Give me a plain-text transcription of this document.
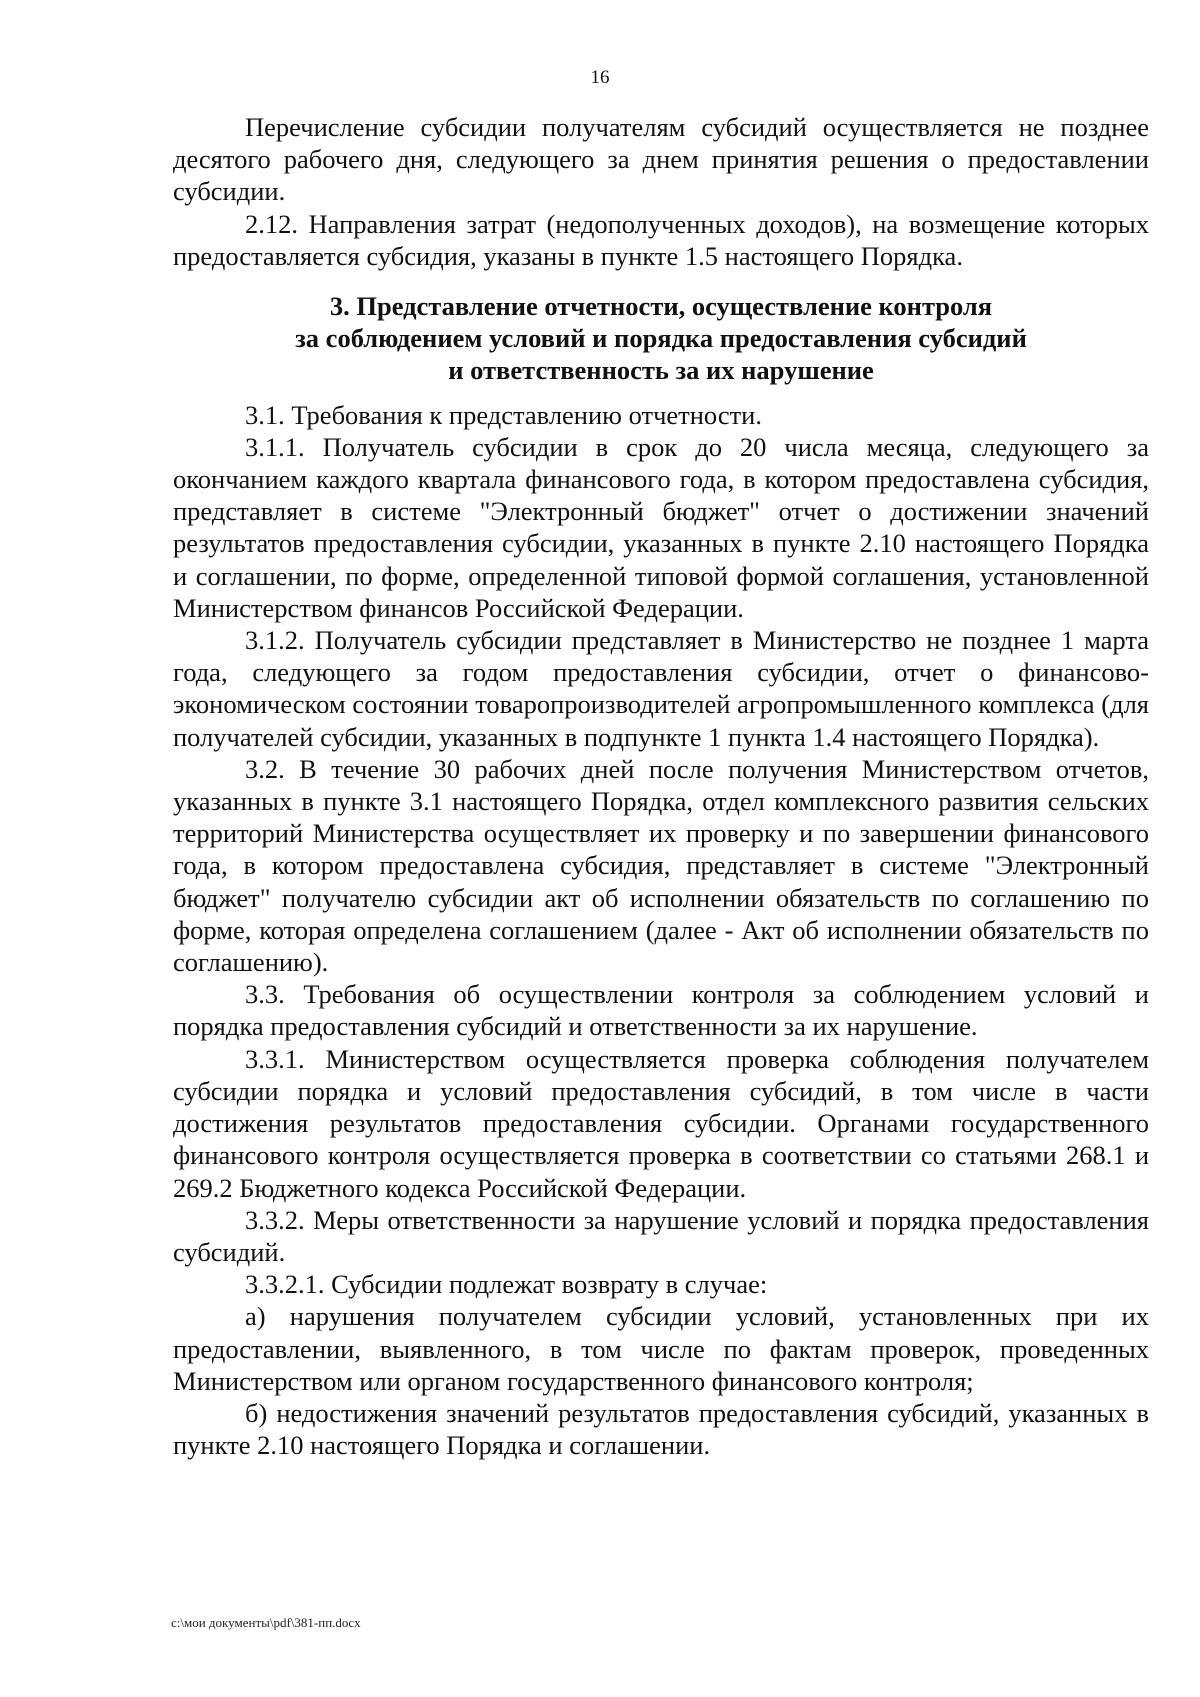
16

Перечисление субсидии получателям субсидий осуществляется не позднее десятого рабочего дня, следующего за днем принятия решения о предоставлении субсидии.

2.12. Направления затрат (недополученных доходов), на возмещение которых предоставляется субсидия, указаны в пункте 1.5 настоящего Порядка.

3. Представление отчетности, осуществление контроля
за соблюдением условий и порядка предоставления субсидий
и ответственность за их нарушение

3.1. Требования к представлению отчетности.

3.1.1. Получатель субсидии в срок до 20 числа месяца, следующего за окончанием каждого квартала финансового года, в котором предоставлена субсидия, представляет в системе "Электронный бюджет" отчет о достижении значений результатов предоставления субсидии, указанных в пункте 2.10 настоящего Порядка и соглашении, по форме, определенной типовой формой соглашения, установленной Министерством финансов Российской Федерации.

3.1.2. Получатель субсидии представляет в Министерство не позднее 1 марта года, следующего за годом предоставления субсидии, отчет о финансово-экономическом состоянии товаропроизводителей агропромышленного комплекса (для получателей субсидии, указанных в подпункте 1 пункта 1.4 настоящего Порядка).

3.2. В течение 30 рабочих дней после получения Министерством отчетов, указанных в пункте 3.1 настоящего Порядка, отдел комплексного развития сельских территорий Министерства осуществляет их проверку и по завершении финансового года, в котором предоставлена субсидия, представляет в системе "Электронный бюджет" получателю субсидии акт об исполнении обязательств по соглашению по форме, которая определена соглашением (далее - Акт об исполнении обязательств по соглашению).

3.3. Требования об осуществлении контроля за соблюдением условий и порядка предоставления субсидий и ответственности за их нарушение.

3.3.1. Министерством осуществляется проверка соблюдения получателем субсидии порядка и условий предоставления субсидий, в том числе в части достижения результатов предоставления субсидии. Органами государственного финансового контроля осуществляется проверка в соответствии со статьями 268.1 и 269.2 Бюджетного кодекса Российской Федерации.

3.3.2. Меры ответственности за нарушение условий и порядка предоставления субсидий.

3.3.2.1. Субсидии подлежат возврату в случае:

а) нарушения получателем субсидии условий, установленных при их предоставлении, выявленного, в том числе по фактам проверок, проведенных Министерством или органом государственного финансового контроля;

б) недостижения значений результатов предоставления субсидий, указанных в пункте 2.10 настоящего Порядка и соглашении.

c:\мои документы\pdf\381-пп.docx
